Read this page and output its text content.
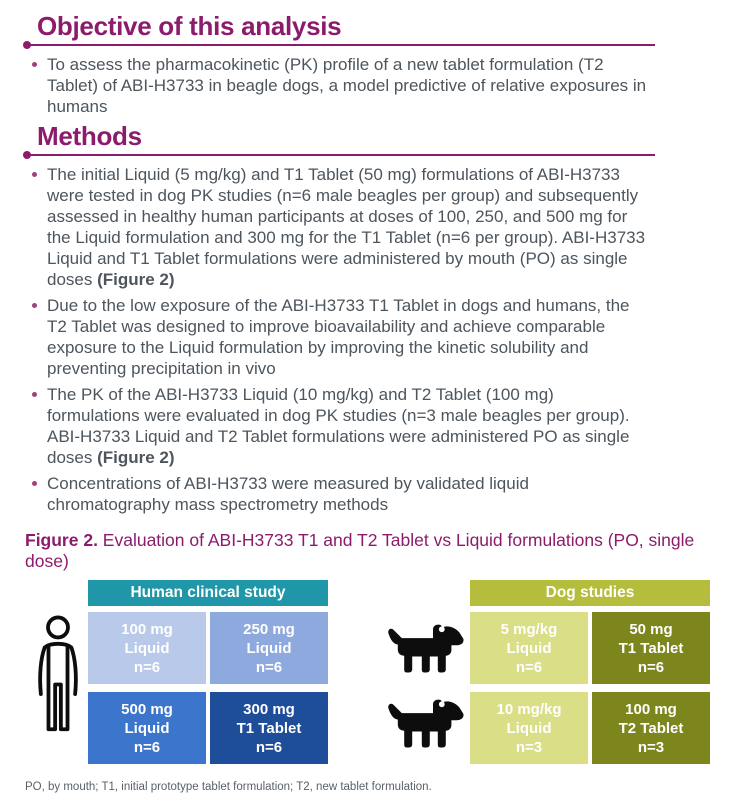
Objective of this analysis
To assess the pharmacokinetic (PK) profile of a new tablet formulation (T2 Tablet) of ABI-H3733 in beagle dogs, a model predictive of relative exposures in humans
Methods
The initial Liquid (5 mg/kg) and T1 Tablet (50 mg) formulations of ABI-H3733 were tested in dog PK studies (n=6 male beagles per group) and subsequently assessed in healthy human participants at doses of 100, 250, and 500 mg for the Liquid formulation and 300 mg for the T1 Tablet (n=6 per group). ABI-H3733 Liquid and T1 Tablet formulations were administered by mouth (PO) as single doses (Figure 2)
Due to the low exposure of the ABI-H3733 T1 Tablet in dogs and humans, the T2 Tablet was designed to improve bioavailability and achieve comparable exposure to the Liquid formulation by improving the kinetic solubility and preventing precipitation in vivo
The PK of the ABI-H3733 Liquid (10 mg/kg) and T2 Tablet (100 mg) formulations were evaluated in dog PK studies (n=3 male beagles per group). ABI-H3733 Liquid and T2 Tablet formulations were administered PO as single doses (Figure 2)
Concentrations of ABI-H3733 were measured by validated liquid chromatography mass spectrometry methods

Figure 2. Evaluation of ABI-H3733 T1 and T2 Tablet vs Liquid formulations (PO, single dose)

Human clinical study
100 mg
Liquid
n=6
250 mg
Liquid
n=6
500 mg
Liquid
n=6
300 mg
T1 Tablet
n=6
Dog studies
5 mg/kg
Liquid
n=6
50 mg
T1 Tablet
n=6
10 mg/kg
Liquid
n=3
100 mg
T2 Tablet
n=3
PO, by mouth; T1, initial prototype tablet formulation; T2, new tablet formulation.
